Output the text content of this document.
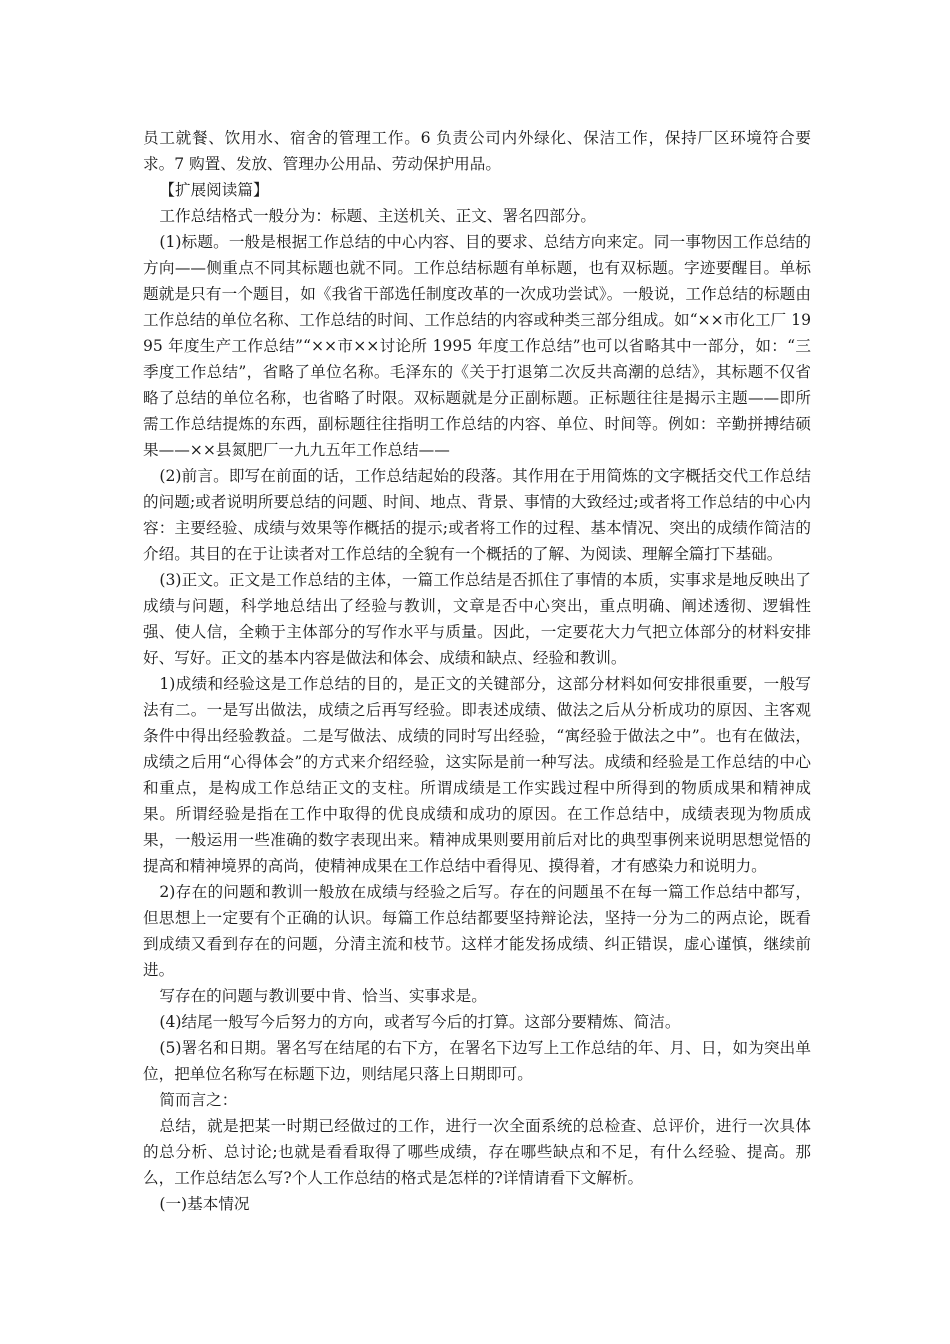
员工就餐、饮用水、宿舍的管理工作。6 负责公司内外绿化、保洁工作，保持厂区环境符合要求。7 购置、发放、管理办公用品、劳动保护用品。

【扩展阅读篇】

工作总结格式一般分为：标题、主送机关、正文、署名四部分。

(1)标题。一般是根据工作总结的中心内容、目的要求、总结方向来定。同一事物因工作总结的方向——侧重点不同其标题也就不同。工作总结标题有单标题，也有双标题。字迹要醒目。单标题就是只有一个题目，如《我省干部选任制度改革的一次成功尝试》。一般说，工作总结的标题由工作总结的单位名称、工作总结的时间、工作总结的内容或种类三部分组成。如“××市化工厂 1995 年度生产工作总结”“××市××讨论所 1995 年度工作总结”也可以省略其中一部分，如：“三季度工作总结”，省略了单位名称。毛泽东的《关于打退第二次反共高潮的总结》，其标题不仅省略了总结的单位名称，也省略了时限。双标题就是分正副标题。正标题往往是揭示主题——即所需工作总结提炼的东西，副标题往往指明工作总结的内容、单位、时间等。例如：辛勤拼搏结硕果——××县氮肥厂一九九五年工作总结——

(2)前言。即写在前面的话，工作总结起始的段落。其作用在于用简炼的文字概括交代工作总结的问题;或者说明所要总结的问题、时间、地点、背景、事情的大致经过;或者将工作总结的中心内容：主要经验、成绩与效果等作概括的提示;或者将工作的过程、基本情况、突出的成绩作简洁的介绍。其目的在于让读者对工作总结的全貌有一个概括的了解、为阅读、理解全篇打下基础。

(3)正文。正文是工作总结的主体，一篇工作总结是否抓住了事情的本质，实事求是地反映出了成绩与问题，科学地总结出了经验与教训，文章是否中心突出，重点明确、阐述透彻、逻辑性强、使人信，全赖于主体部分的写作水平与质量。因此，一定要花大力气把立体部分的材料安排好、写好。正文的基本内容是做法和体会、成绩和缺点、经验和教训。

1)成绩和经验这是工作总结的目的，是正文的关键部分，这部分材料如何安排很重要，一般写法有二。一是写出做法，成绩之后再写经验。即表述成绩、做法之后从分析成功的原因、主客观条件中得出经验教益。二是写做法、成绩的同时写出经验，“寓经验于做法之中”。也有在做法，成绩之后用“心得体会”的方式来介绍经验，这实际是前一种写法。成绩和经验是工作总结的中心和重点，是构成工作总结正文的支柱。所谓成绩是工作实践过程中所得到的物质成果和精神成果。所谓经验是指在工作中取得的优良成绩和成功的原因。在工作总结中，成绩表现为物质成果，一般运用一些准确的数字表现出来。精神成果则要用前后对比的典型事例来说明思想觉悟的提高和精神境界的高尚，使精神成果在工作总结中看得见、摸得着，才有感染力和说明力。

2)存在的问题和教训一般放在成绩与经验之后写。存在的问题虽不在每一篇工作总结中都写，但思想上一定要有个正确的认识。每篇工作总结都要坚持辩论法，坚持一分为二的两点论，既看到成绩又看到存在的问题，分清主流和枝节。这样才能发扬成绩、纠正错误，虚心谨慎，继续前进。

写存在的问题与教训要中肯、恰当、实事求是。

(4)结尾一般写今后努力的方向，或者写今后的打算。这部分要精炼、简洁。

(5)署名和日期。署名写在结尾的右下方，在署名下边写上工作总结的年、月、日，如为突出单位，把单位名称写在标题下边，则结尾只落上日期即可。

简而言之：

总结，就是把某一时期已经做过的工作，进行一次全面系统的总检查、总评价，进行一次具体的总分析、总讨论;也就是看看取得了哪些成绩，存在哪些缺点和不足，有什么经验、提高。那么，工作总结怎么写?个人工作总结的格式是怎样的?详情请看下文解析。

(一)基本情况
